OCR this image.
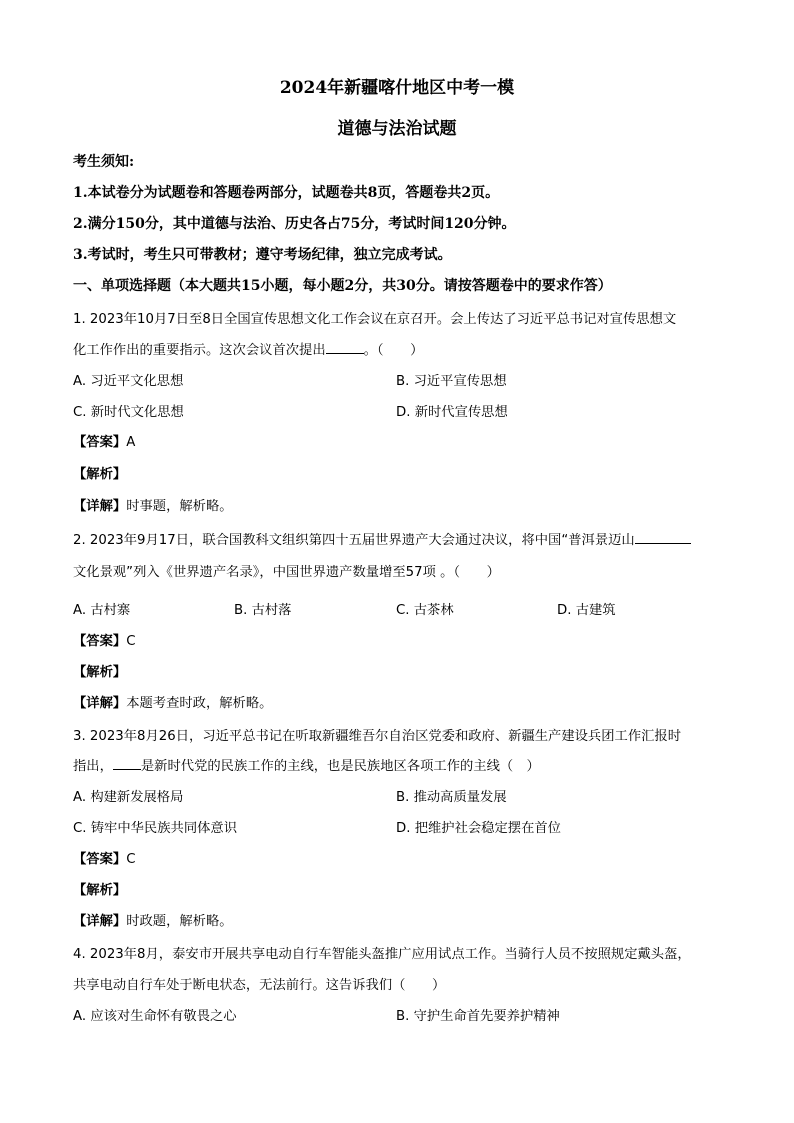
2024年新疆喀什地区中考一模
道德与法治试题
考生须知:
1.本试卷分为试题卷和答题卷两部分，试题卷共8页，答题卷共2页。
2.满分150分，其中道德与法治、历史各占75分，考试时间120分钟。
3.考试时，考生只可带教材；遵守考场纪律，独立完成考试。
一、单项选择题（本大题共15小题，每小题2分，共30分。请按答题卷中的要求作答）
1. 2023年10月7日至8日全国宣传思想文化工作会议在京召开。会上传达了习近平总书记对宣传思想文
化工作作出的重要指示。这次会议首次提出	。（　　）
A. 习近平文化思想	B. 习近平宣传思想
C. 新时代文化思想	D. 新时代宣传思想
【答案】A
【解析】
【详解】时事题，解析略。
2. 2023年9月17日，联合国教科文组织第四十五届世界遗产大会通过决议，将中国“普洱景迈山
文化景观”列入《世界遗产名录》，中国世界遗产数量增至57项 。（　　）
A. 古村寨	B. 古村落	C. 古茶林	D. 古建筑
【答案】C
【解析】
【详解】本题考查时政，解析略。
3. 2023年8月26日，习近平总书记在听取新疆维吾尔自治区党委和政府、新疆生产建设兵团工作汇报时
指出， 是新时代党的民族工作的主线，也是民族地区各项工作的主线（　）
A. 构建新发展格局	B. 推动高质量发展
C. 铸牢中华民族共同体意识	D. 把维护社会稳定摆在首位
【答案】C
【解析】
【详解】时政题，解析略。
4. 2023年8月，泰安市开展共享电动自行车智能头盔推广应用试点工作。当骑行人员不按照规定戴头盔，
共享电动自行车处于断电状态，无法前行。这告诉我们（　　）
A. 应该对生命怀有敬畏之心	B. 守护生命首先要养护精神
